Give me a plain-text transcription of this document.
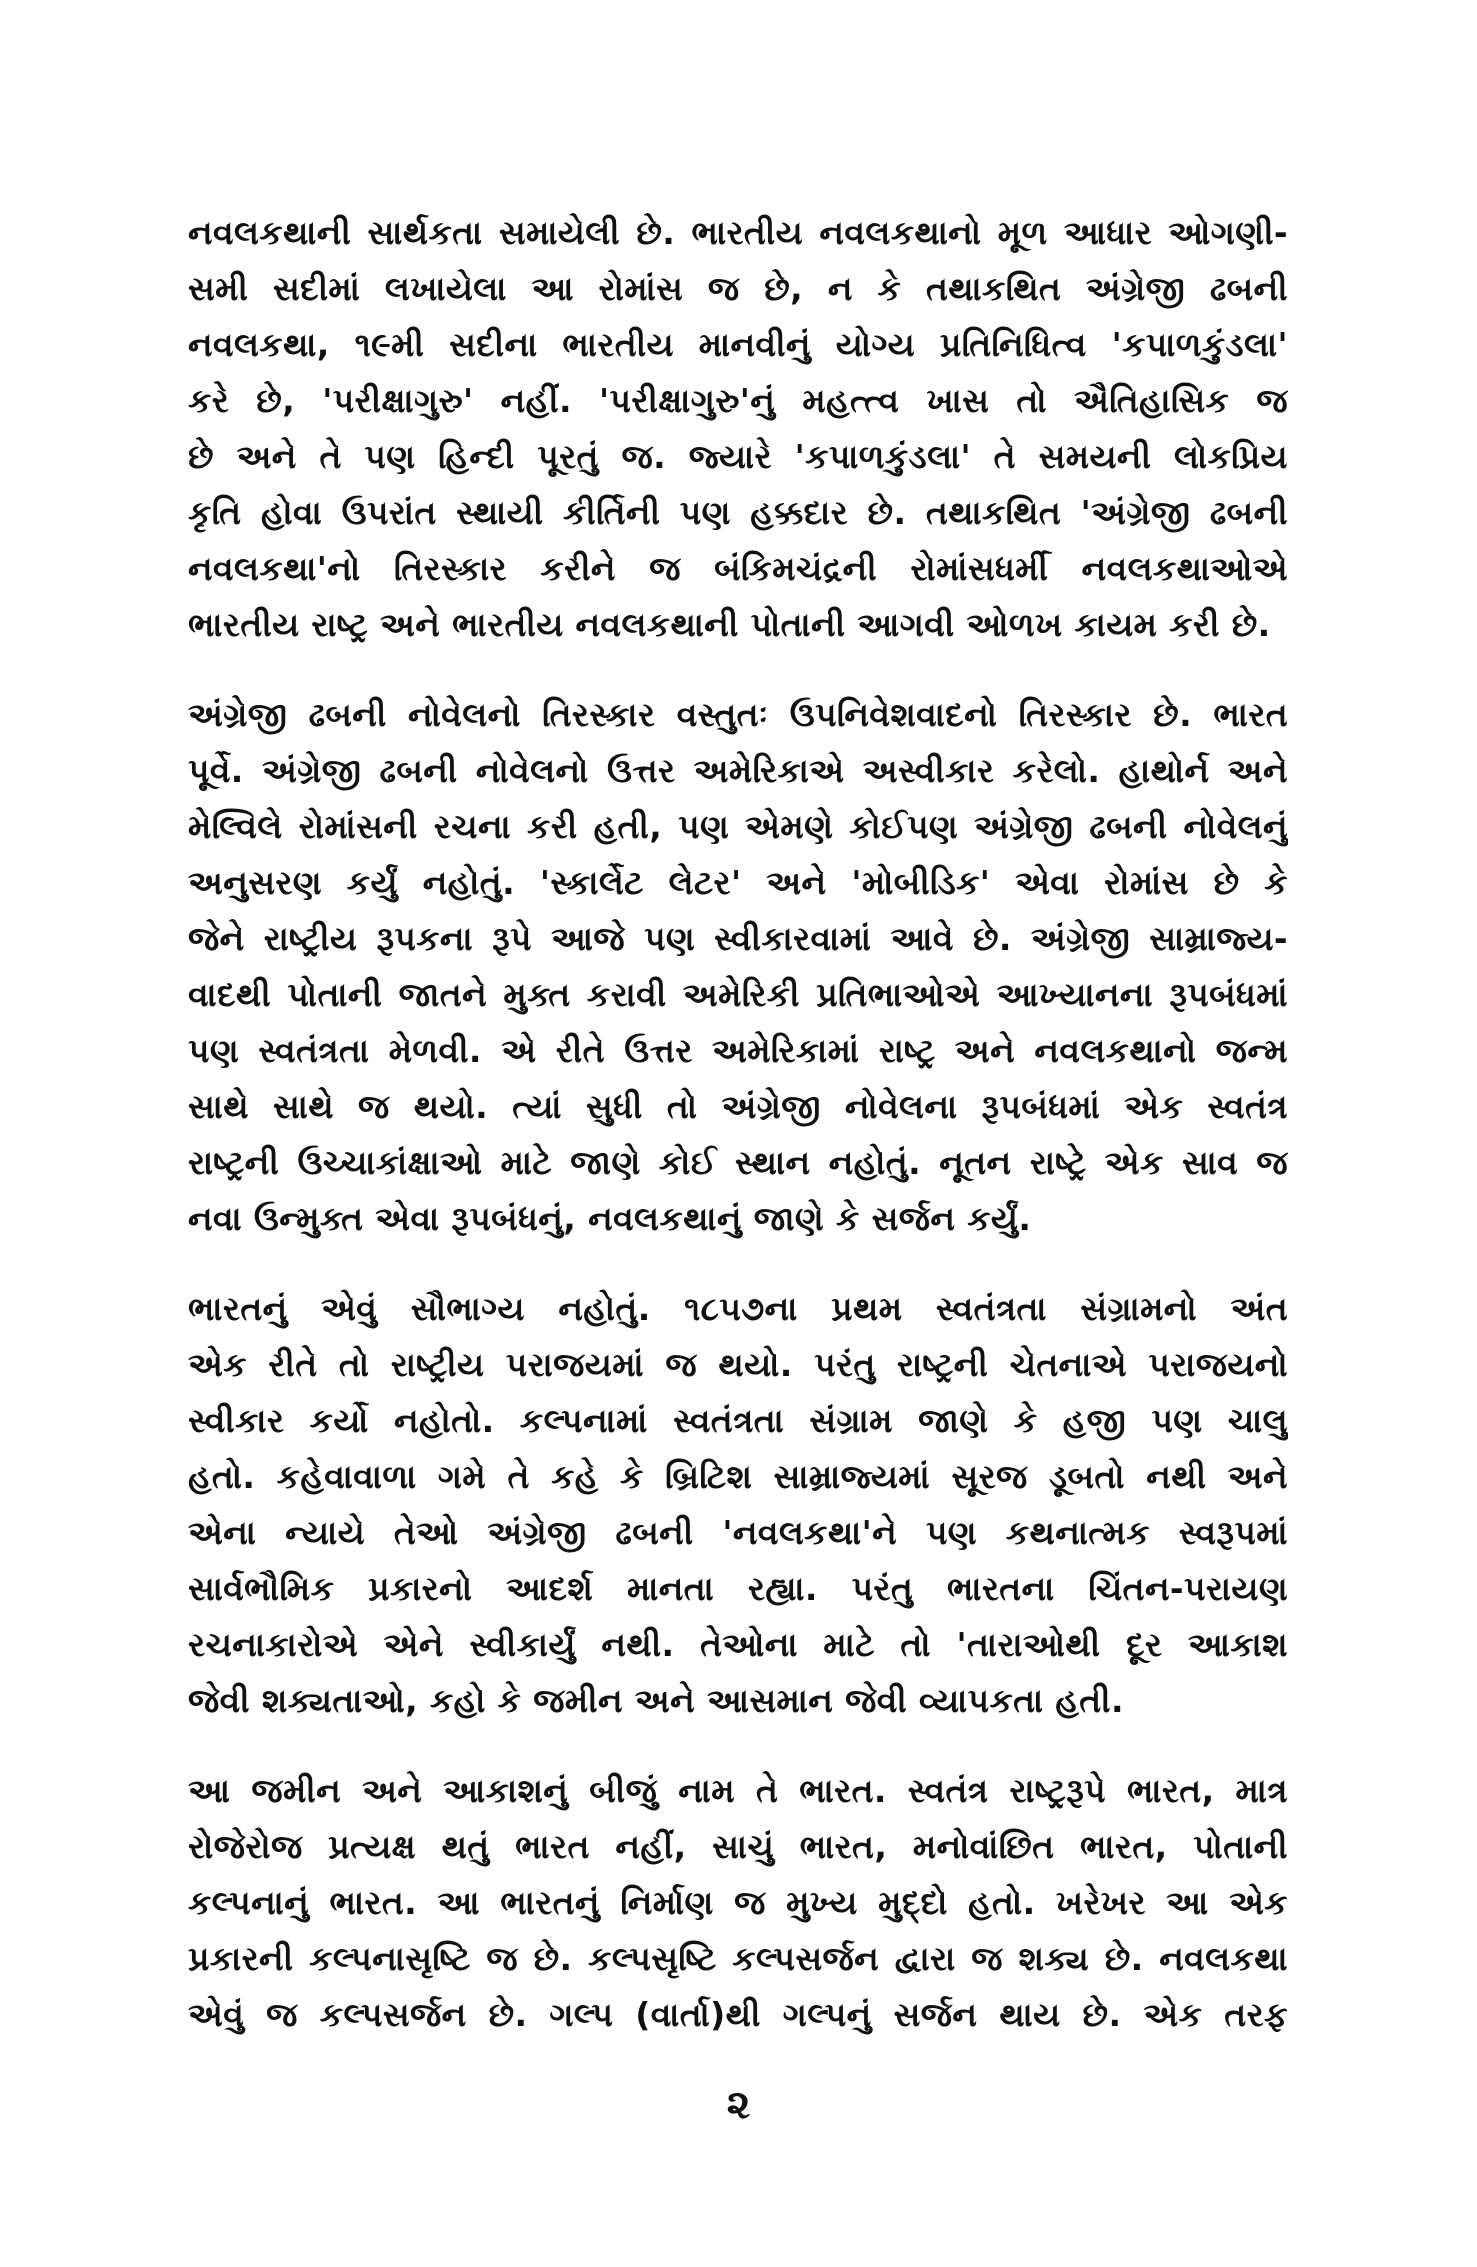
નવલકથાની સાર્થકતા સમાયેલી છે. ભારતીય નવલકથાનો મૂળ આધાર ઓગણી-
સમી સદીમાં લખાયેલા આ રોમાંસ જ છે, ન કે તથાકથિત અંગ્રેજી ઢબની
નવલકથા, ૧૯મી સદીના ભારતીય માનવીનું યોગ્ય પ્રતિનિધિત્વ 'કપાળકુંડલા'
કરે છે, 'પરીક્ષાગુરુ' નહીં. 'પરીક્ષાગુરુ'નું મહત્ત્વ ખાસ તો ઐતિહાસિક જ
છે અને તે પણ હિન્દી પૂરતું જ. જ્યારે 'કપાળકુંડલા' તે સમયની લોકપ્રિય
કૃતિ હોવા ઉપરાંત સ્થાયી કીર્તિની પણ હક્કદાર છે. તથાકથિત 'અંગ્રેજી ઢબની
નવલકથા'નો તિરસ્કાર કરીને જ બંકિમચંદ્રની રોમાંસધર્મી નવલકથાઓએ
ભારતીય રાષ્ટ્ર અને ભારતીય નવલકથાની પોતાની આગવી ઓળખ કાયમ કરી છે.

અંગ્રેજી ઢબની નોવેલનો તિરસ્કાર વસ્તુતઃ ઉપનિવેશવાદનો તિરસ્કાર છે. ભારત
પૂર્વે. અંગ્રેજી ઢબની નોવેલનો ઉત્તર અમેરિકાએ અસ્વીકાર કરેલો. હાથોર્ન અને
મેલ્વિલે રોમાંસની રચના કરી હતી, પણ એમણે કોઈપણ અંગ્રેજી ઢબની નોવેલનું
અનુસરણ કર્યું નહોતું. 'સ્કાર્લેટ લેટર' અને 'મોબીડિક' એવા રોમાંસ છે કે
જેને રાષ્ટ્રીય રૂપકના રૂપે આજે પણ સ્વીકારવામાં આવે છે. અંગ્રેજી સામ્રાજ્ય-
વાદથી પોતાની જાતને મુક્ત કરાવી અમેરિકી પ્રતિભાઓએ આખ્યાનના રૂપબંધમાં
પણ સ્વતંત્રતા મેળવી. એ રીતે ઉત્તર અમેરિકામાં રાષ્ટ્ર અને નવલકથાનો જન્મ
સાથે સાથે જ થયો. ત્યાં સુધી તો અંગ્રેજી નોવેલના રૂપબંધમાં એક સ્વતંત્ર
રાષ્ટ્રની ઉચ્ચાકાંક્ષાઓ માટે જાણે કોઈ સ્થાન નહોતું. નૂતન રાષ્ટ્રે એક સાવ જ
નવા ઉન્મુક્ત એવા રૂપબંધનું, નવલકથાનું જાણે કે સર્જન કર્યું.

ભારતનું એવું સૌભાગ્ય નહોતું. ૧૮૫૭ના પ્રથમ સ્વતંત્રતા સંગ્રામનો અંત
એક રીતે તો રાષ્ટ્રીય પરાજયમાં જ થયો. પરંતુ રાષ્ટ્રની ચેતનાએ પરાજયનો
સ્વીકાર કર્યો નહોતો. કલ્પનામાં સ્વતંત્રતા સંગ્રામ જાણે કે હજી પણ ચાલુ
હતો. કહેવાવાળા ગમે તે કહે કે બ્રિટિશ સામ્રાજ્યમાં સૂરજ ડૂબતો નથી અને
એના ન્યાયે તેઓ અંગ્રેજી ઢબની 'નવલકથા'ને પણ કથનાત્મક સ્વરૂપમાં
સાર્વભૌમિક પ્રકારનો આદર્શ માનતા રહ્યા. પરંતુ ભારતના ચિંતન-પરાયણ
રચનાકારોએ એને સ્વીકાર્યું નથી. તેઓના માટે તો 'તારાઓથી દૂર આકાશ
જેવી શક્યતાઓ, કહો કે જમીન અને આસમાન જેવી વ્યાપકતા હતી.

આ જમીન અને આકાશનું બીજું નામ તે ભારત. સ્વતંત્ર રાષ્ટ્રરૂપે ભારત, માત્ર
રોજેરોજ પ્રત્યક્ષ થતું ભારત નહીં, સાચું ભારત, મનોવાંછિત ભારત, પોતાની
કલ્પનાનું ભારત. આ ભારતનું નિર્માણ જ મુખ્ય મુદ્દો હતો. ખરેખર આ એક
પ્રકારની કલ્પનાસૃષ્ટિ જ છે. કલ્પસૃષ્ટિ કલ્પસર્જન દ્વારા જ શક્ય છે. નવલકથા
એવું જ કલ્પસર્જન છે. ગલ્પ (વાર્તા)થી ગલ્પનું સર્જન થાય છે. એક તરફ

૨
